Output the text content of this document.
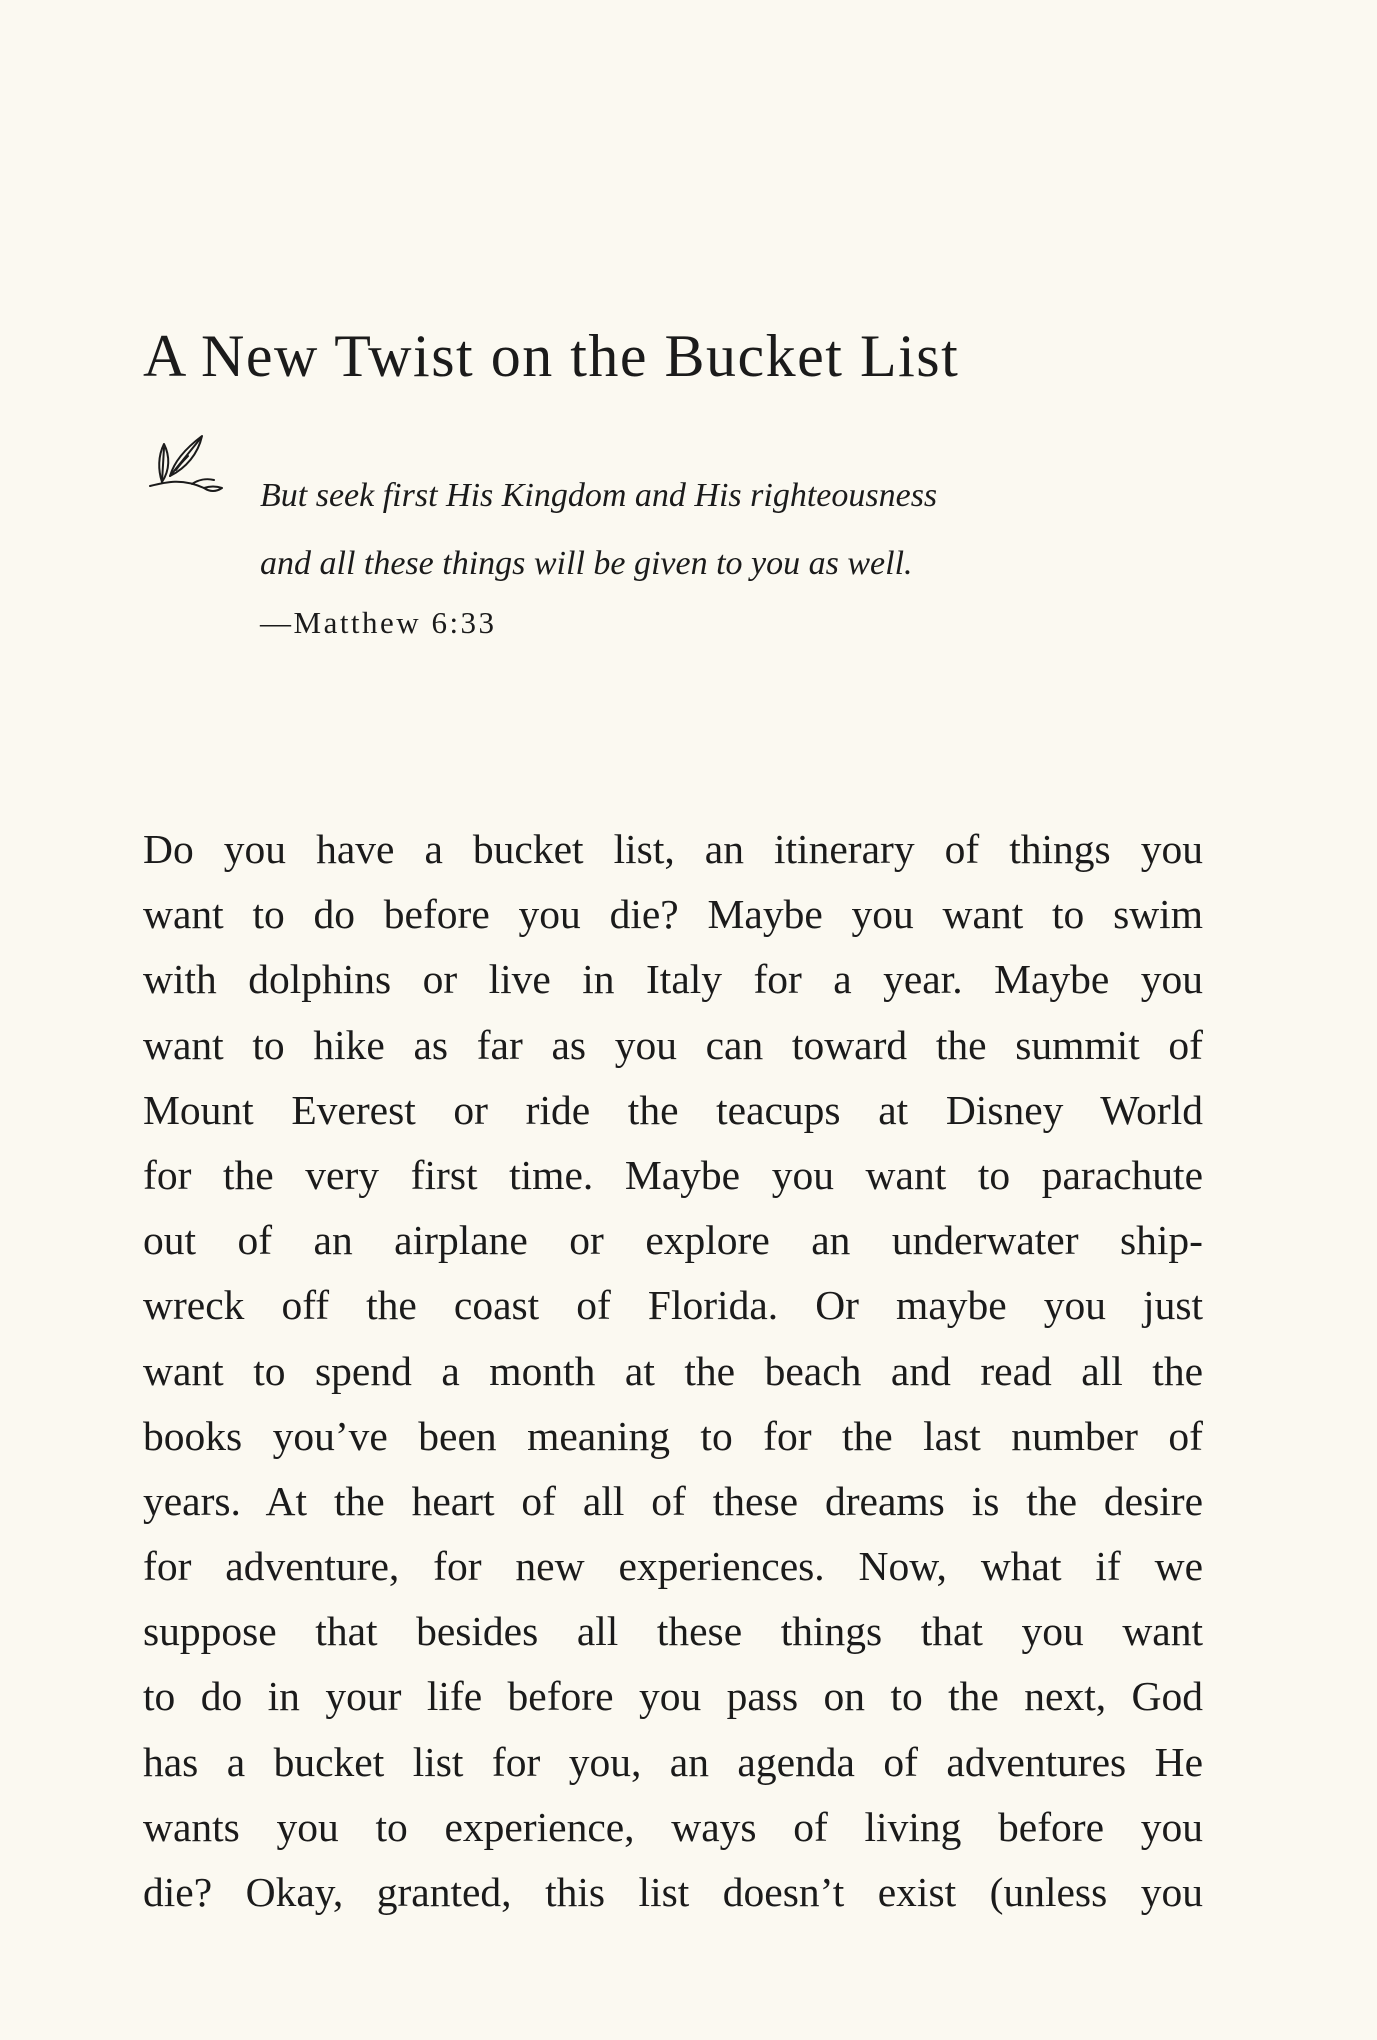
A New Twist on the Bucket List
But seek first His Kingdom and His righteousness
and all these things will be given to you as well.
—Matthew 6:33
Do you have a bucket list, an itinerary of things you
want to do before you die? Maybe you want to swim
with dolphins or live in Italy for a year. Maybe you
want to hike as far as you can toward the summit of
Mount Everest or ride the teacups at Disney World
for the very first time. Maybe you want to parachute
out of an airplane or explore an underwater ship-
wreck off the coast of Florida. Or maybe you just
want to spend a month at the beach and read all the
books you’ve been meaning to for the last number of
years. At the heart of all of these dreams is the desire
for adventure, for new experiences. Now, what if we
suppose that besides all these things that you want
to do in your life before you pass on to the next, God
has a bucket list for you, an agenda of adventures He
wants you to experience, ways of living before you
die? Okay, granted, this list doesn’t exist (unless you
